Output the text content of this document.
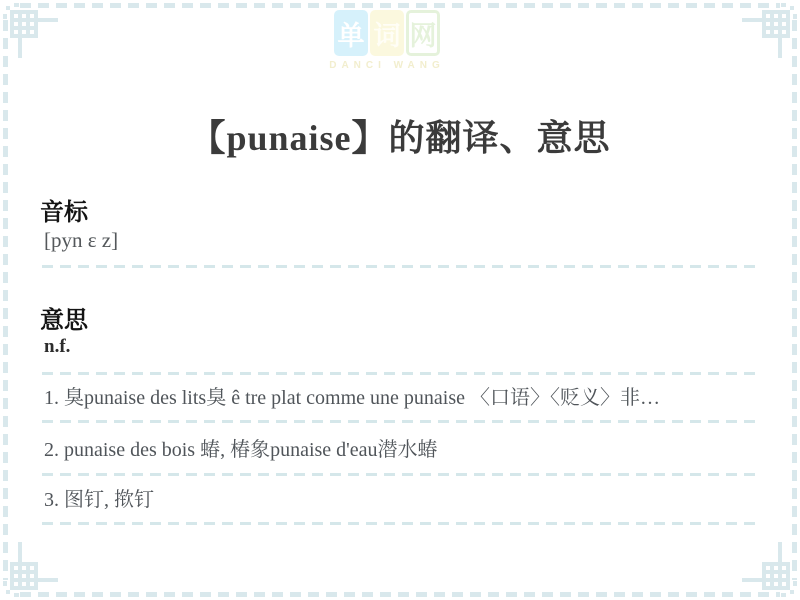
单 词 网
DANCI WANG
【punaise】的翻译、意思
音标
[pyn ɛ z]
意思
n.f.
1. 臭punaise des lits臭 ê tre plat comme une punaise 〈口语〉〈贬义〉非…
2. punaise des bois 蝽, 椿象punaise d'eau潜水蝽
3. 图钉, 揿钉
